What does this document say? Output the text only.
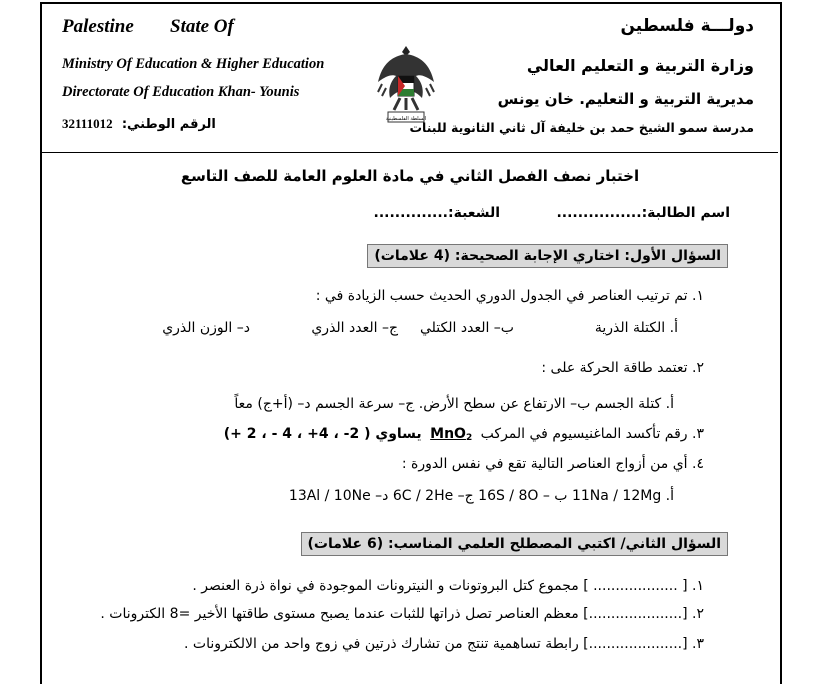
Palestine State Of
Ministry Of Education & Higher Education
Directorate Of Education Khan- Younis
32111012 الرقم الوطني:	السلطة الفلسطينية
دولـــة فلسطين
وزارة التربية و التعليم العالي
مديرية التربية و التعليم. خان يونس
مدرسة سمو الشيخ حمد بن خليفة آل ثاني الثانوية للبنات
اختبار نصف الفصل الثاني في مادة العلوم العامة للصف التاسع
اسم الطالبة:................
الشعبة:..............
السؤال الأول: اختاري الإجابة الصحيحة: (4 علامات)
١. تم ترتيب العناصر في الجدول الدوري الحديث حسب الزيادة في :
أ. الكتلة الذرية
ب– العدد الكتلي
ج– العدد الذري
د– الوزن الذري
٢. تعتمد طاقة الحركة على :
أ. كتلة الجسم ب– الارتفاع عن سطح الأرض. ج– سرعة الجسم د– (أ+ج) معاً
٣. رقم تأكسد الماغنيسيوم في المركب MnO$_2$ يساوي ( 2- ، 4+ ، 4 - ، 2 +)
٤. أي من أزواج العناصر التالية تقع في نفس الدورة :
أ. 11Na / 12Mg ب – 16S / 8O ج– 6C / 2He د– 13Al / 10Ne
السؤال الثاني/ اكتبي المصطلح العلمي المناسب: (6 علامات)
١. [ ................... ] مجموع كتل البروتونات و النيترونات الموجودة في نواة ذرة العنصر .
٢. [.....................] معظم العناصر تصل ذراتها للثبات عندما يصبح مستوى طاقتها الأخير =8 الكترونات .
٣. [.....................] رابطة تساهمية تنتج من تشارك ذرتين في زوج واحد من الالكترونات .
